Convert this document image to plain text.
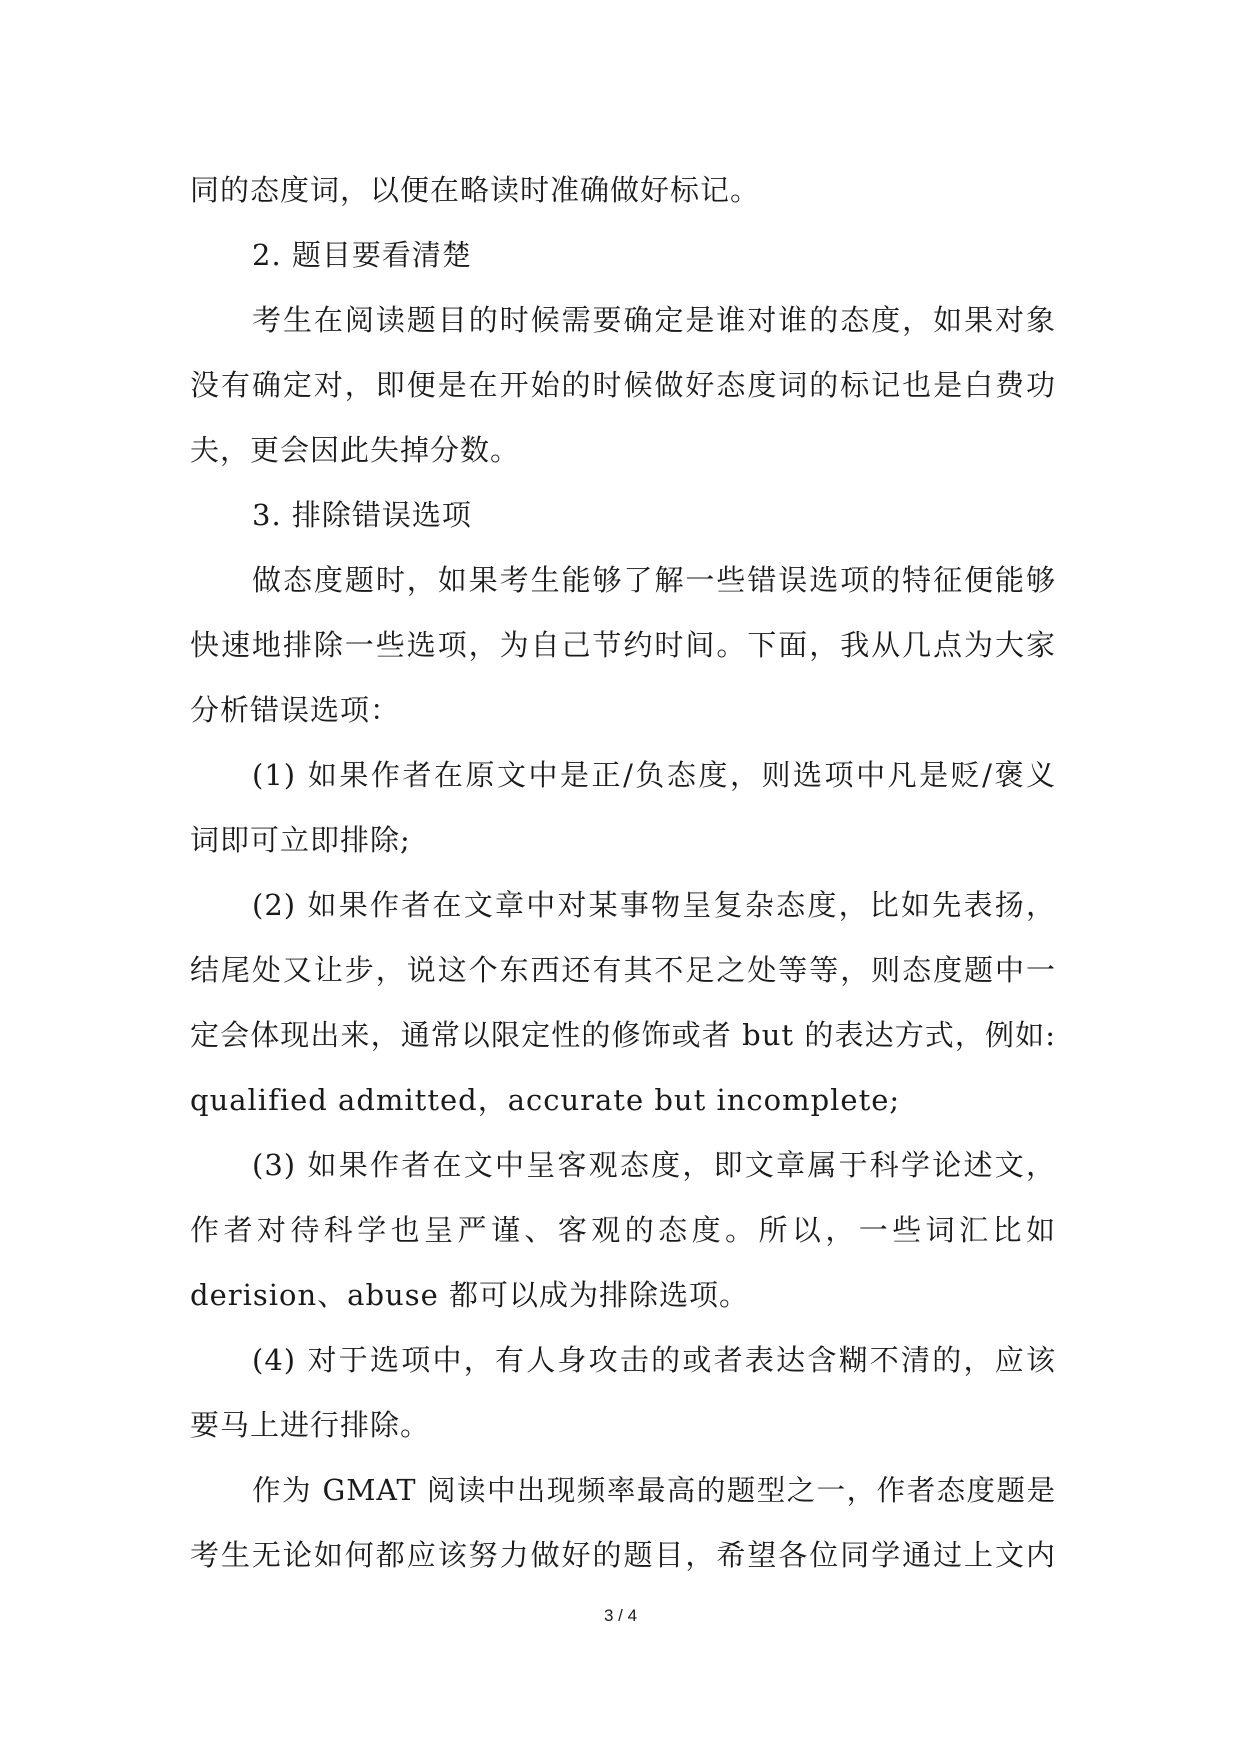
同的态度词，以便在略读时准确做好标记。
2. 题目要看清楚
考生在阅读题目的时候需要确定是谁对谁的态度，如果对象
没有确定对，即便是在开始的时候做好态度词的标记也是白费功
夫，更会因此失掉分数。
3. 排除错误选项
做态度题时，如果考生能够了解一些错误选项的特征便能够
快速地排除一些选项，为自己节约时间。下面，我从几点为大家
分析错误选项：
(1) 如果作者在原文中是正/负态度，则选项中凡是贬/褒义
词即可立即排除;
(2) 如果作者在文章中对某事物呈复杂态度，比如先表扬，
结尾处又让步，说这个东西还有其不足之处等等，则态度题中一
定会体现出来，通常以限定性的修饰或者 but 的表达方式，例如:
qualified admitted，accurate but incomplete;
(3) 如果作者在文中呈客观态度，即文章属于科学论述文，
作者对待科学也呈严谨、客观的态度。所以，一些词汇比如
derision、abuse 都可以成为排除选项。
(4) 对于选项中，有人身攻击的或者表达含糊不清的，应该
要马上进行排除。
作为 GMAT 阅读中出现频率最高的题型之一，作者态度题是
考生无论如何都应该努力做好的题目，希望各位同学通过上文内
3 / 4
